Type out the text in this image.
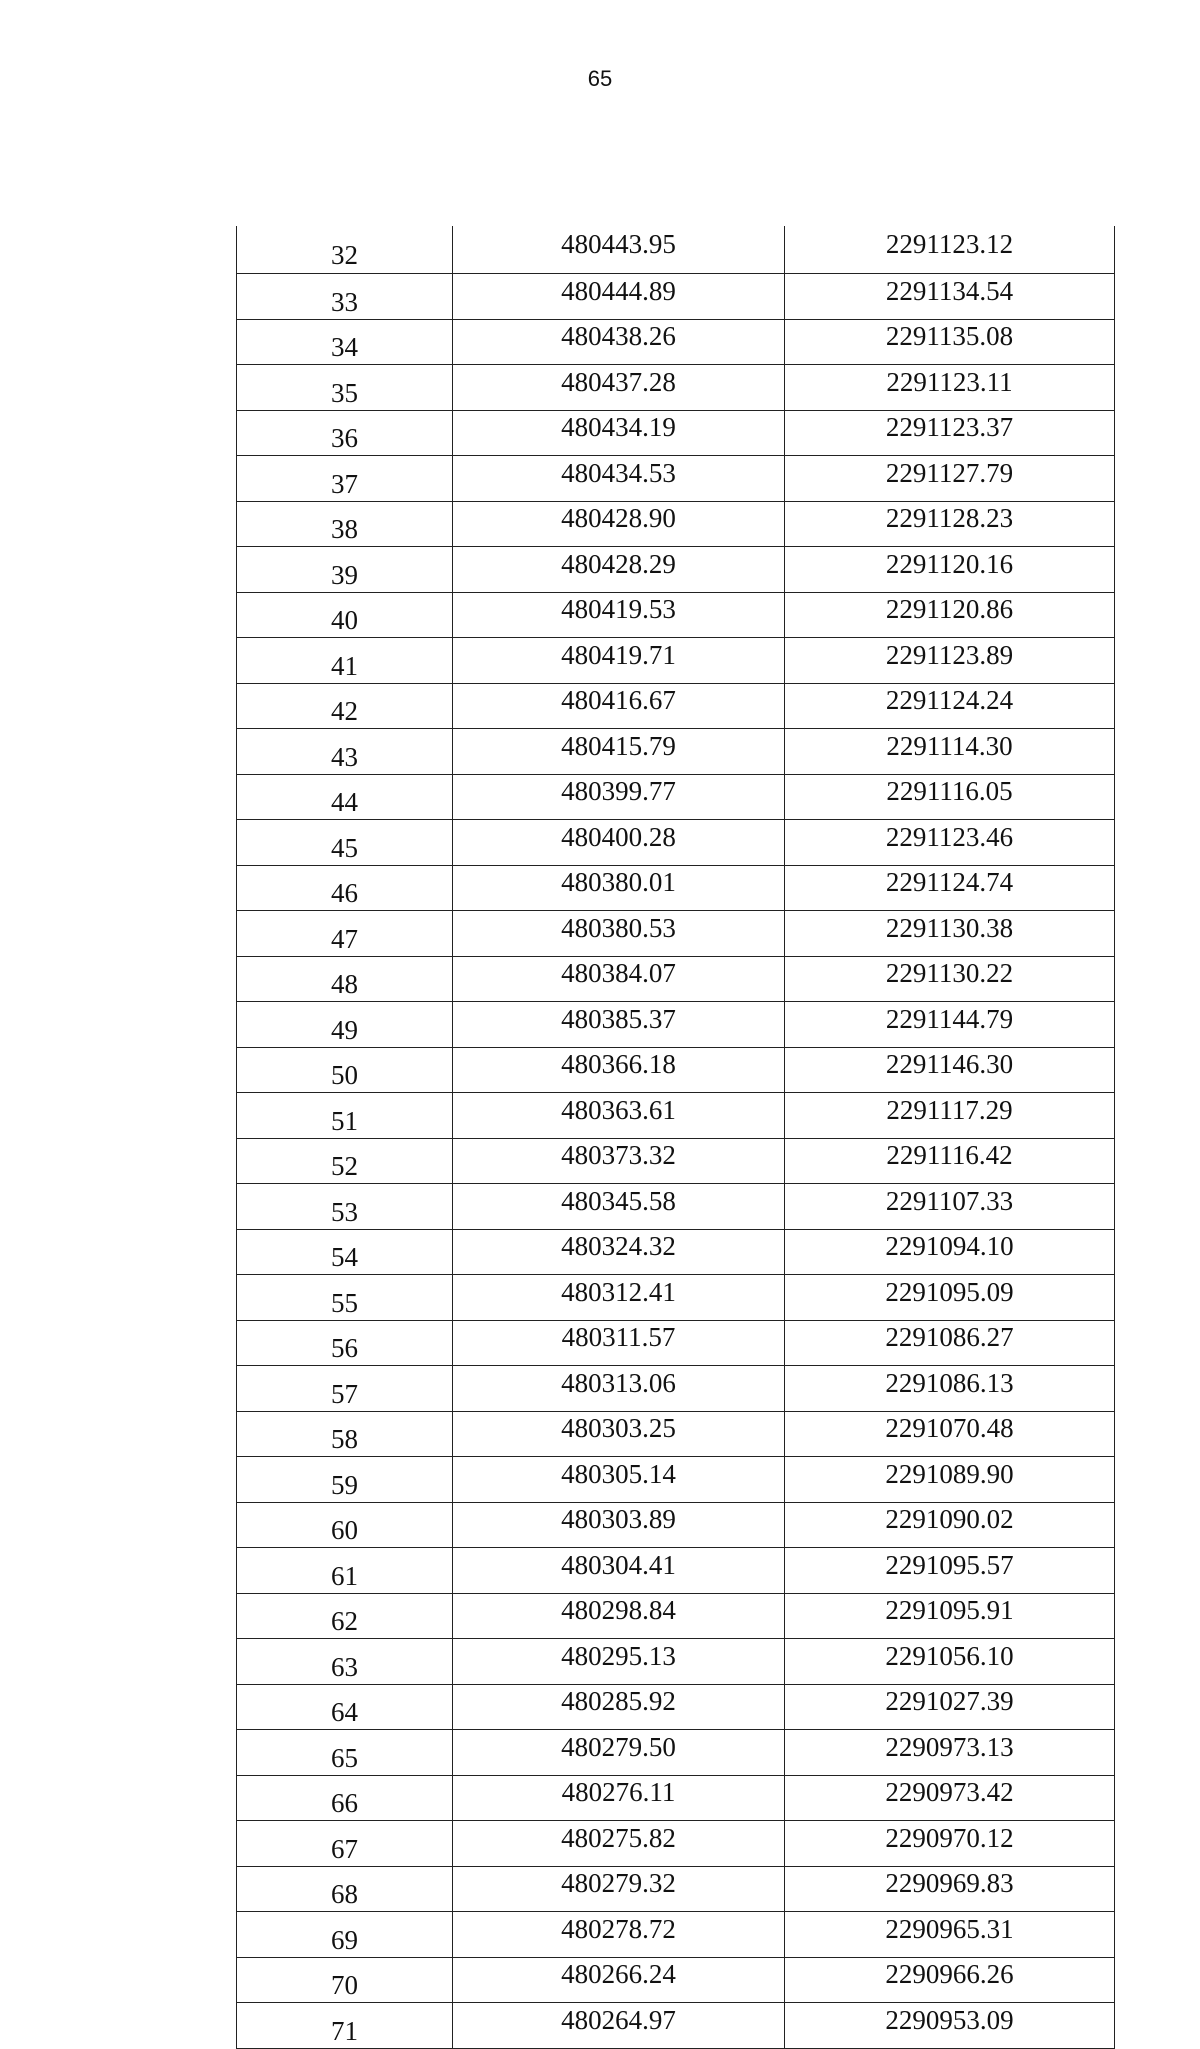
65
32	480443.95	2291123.12
33	480444.89	2291134.54
34	480438.26	2291135.08
35	480437.28	2291123.11
36	480434.19	2291123.37
37	480434.53	2291127.79
38	480428.90	2291128.23
39	480428.29	2291120.16
40	480419.53	2291120.86
41	480419.71	2291123.89
42	480416.67	2291124.24
43	480415.79	2291114.30
44	480399.77	2291116.05
45	480400.28	2291123.46
46	480380.01	2291124.74
47	480380.53	2291130.38
48	480384.07	2291130.22
49	480385.37	2291144.79
50	480366.18	2291146.30
51	480363.61	2291117.29
52	480373.32	2291116.42
53	480345.58	2291107.33
54	480324.32	2291094.10
55	480312.41	2291095.09
56	480311.57	2291086.27
57	480313.06	2291086.13
58	480303.25	2291070.48
59	480305.14	2291089.90
60	480303.89	2291090.02
61	480304.41	2291095.57
62	480298.84	2291095.91
63	480295.13	2291056.10
64	480285.92	2291027.39
65	480279.50	2290973.13
66	480276.11	2290973.42
67	480275.82	2290970.12
68	480279.32	2290969.83
69	480278.72	2290965.31
70	480266.24	2290966.26
71	480264.97	2290953.09
